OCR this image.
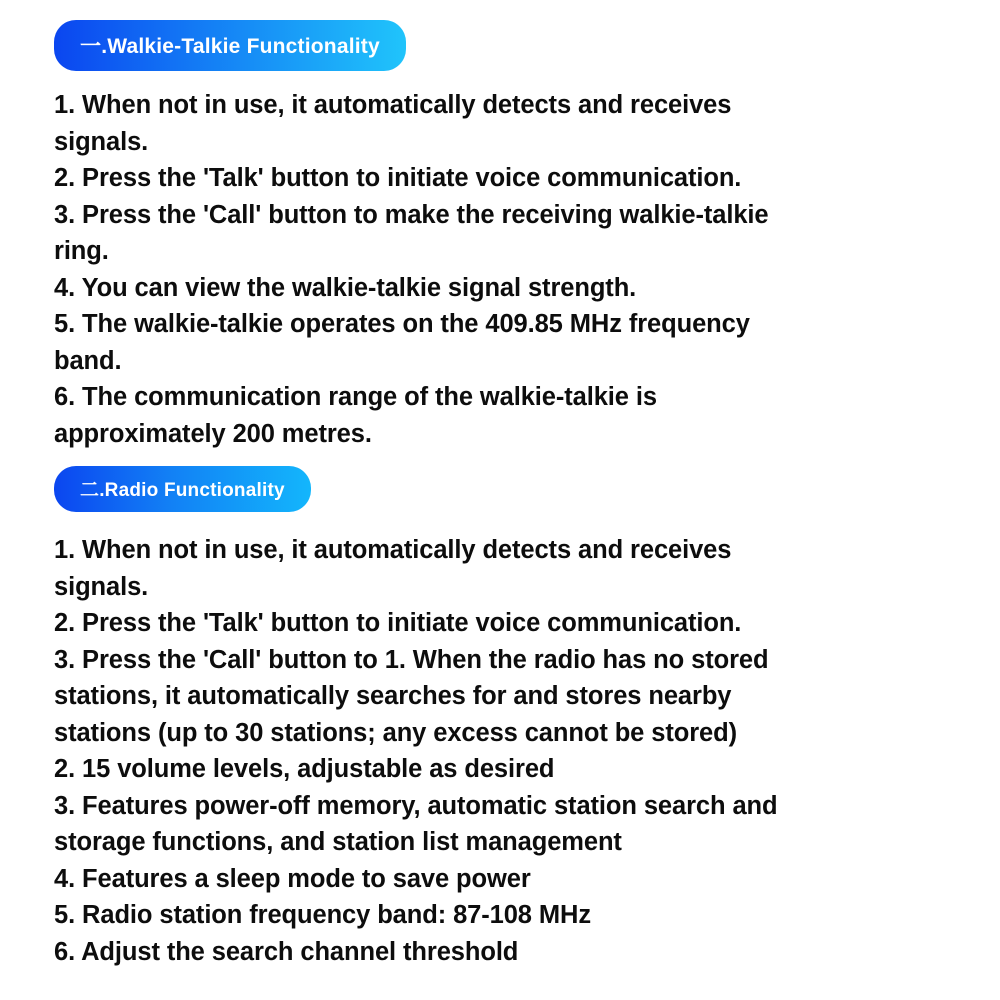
一.Walkie-Talkie Functionality
1. When not in use, it automatically detects and receives
signals.
2. Press the 'Talk' button to initiate voice communication.
3. Press the 'Call' button to make the receiving walkie-talkie
ring.
4. You can view the walkie-talkie signal strength.
5. The walkie-talkie operates on the 409.85 MHz frequency
band.
6. The communication range of the walkie-talkie is
approximately 200 metres.
二.Radio Functionality
1. When not in use, it automatically detects and receives
signals.
2. Press the 'Talk' button to initiate voice communication.
3. Press the 'Call' button to 1. When the radio has no stored
stations, it automatically searches for and stores nearby
stations (up to 30 stations; any excess cannot be stored)
2. 15 volume levels, adjustable as desired
3. Features power-off memory, automatic station search and
storage functions, and station list management
4. Features a sleep mode to save power
5. Radio station frequency band: 87-108 MHz
6. Adjust the search channel threshold
